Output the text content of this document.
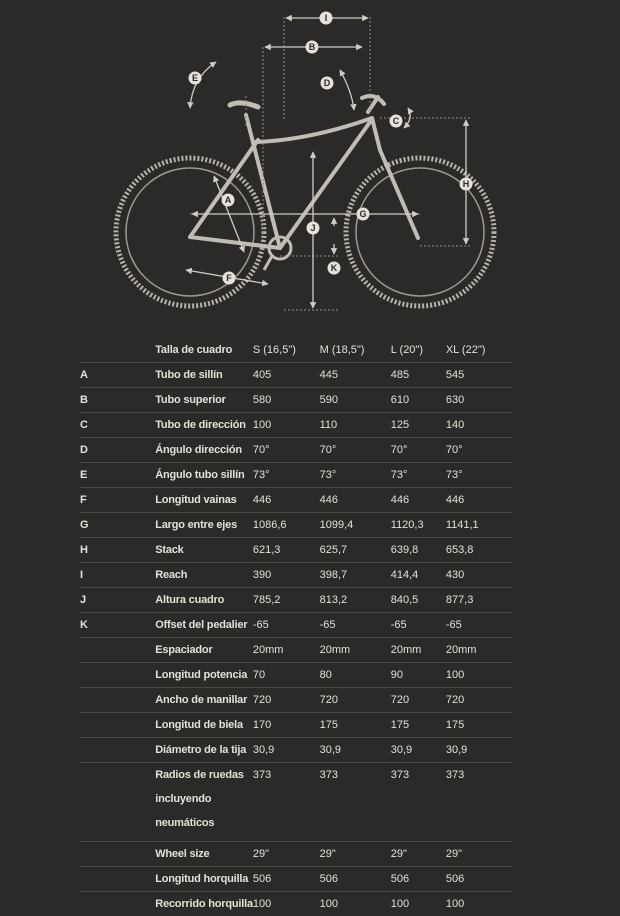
A
B
C
D
E
F
G
H
I
J
K
	Talla de cuadro	S (16,5")	M (18,5")	L (20")	XL (22")
A	Tubo de sillín	405	445	485	545
B	Tubo superior	580	590	610	630
C	Tubo de dirección	100	110	125	140
D	Ángulo dirección	70°	70°	70°	70°
E	Ángulo tubo sillín	73°	73°	73°	73°
F	Longitud vainas	446	446	446	446
G	Largo entre ejes	1086,6	1099,4	1120,3	1141,1
H	Stack	621,3	625,7	639,8	653,8
I	Reach	390	398,7	414,4	430
J	Altura cuadro	785,2	813,2	840,5	877,3
K	Offset del pedalier	-65	-65	-65	-65
	Espaciador	20mm	20mm	20mm	20mm
	Longitud potencia	70	80	90	100
	Ancho de manillar	720	720	720	720
	Longitud de biela	170	175	175	175
	Diámetro de la tija	30,9	30,9	30,9	30,9
	Radios de ruedas incluyendo neumáticos	373	373	373	373
	Wheel size	29"	29"	29"	29"
	Longitud horquilla	506	506	506	506
	Recorrido horquilla	100	100	100	100
